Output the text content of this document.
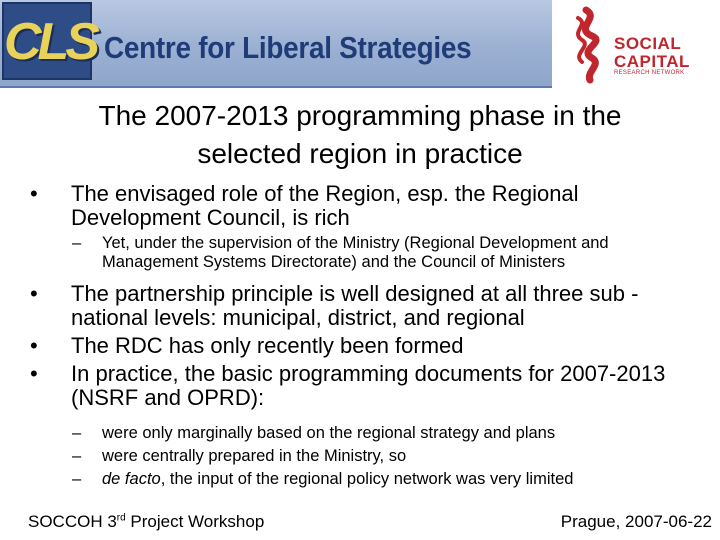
CLS Centre for Liberal Strategies	SOCIAL
CAPITAL
RESEARCH NETWORK
The 2007-2013 programming phase in the
selected region in practice

•	The envisaged role of the Region, esp. the Regional Development Council, is rich

– Yet, under the supervision of the Ministry (Regional Development and Management Systems Directorate) and the Council of Ministers

•	The partnership principle is well designed at all three sub -national levels: municipal, district, and regional

•	The RDC has only recently been formed

•	In practice, the basic programming documents for 2007-2013 (NSRF and OPRD):

– were only marginally based on the regional strategy and plans

– were centrally prepared in the Ministry, so

– de facto, the input of the regional policy network was very limited

SOCCOH 3rd Project Workshop	Prague, 2007-06-22
